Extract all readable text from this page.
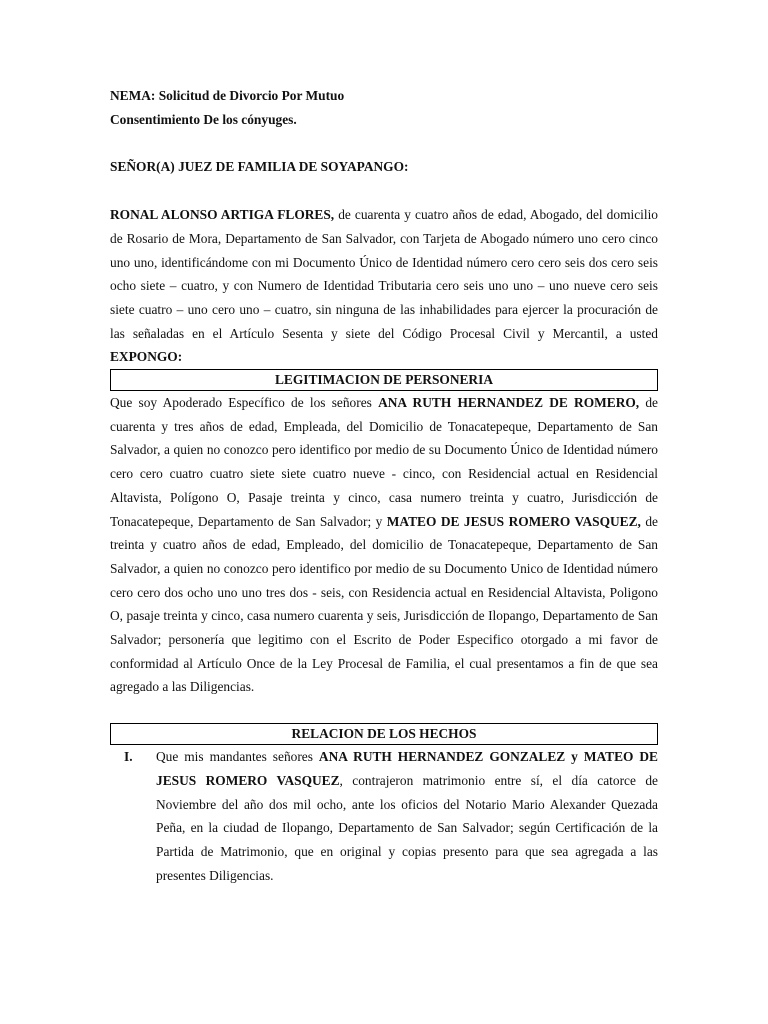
NEMA: Solicitud de Divorcio Por Mutuo

Consentimiento De los cónyuges.

SEÑOR(A) JUEZ DE FAMILIA DE SOYAPANGO:

RONAL ALONSO ARTIGA FLORES, de cuarenta y cuatro años de edad, Abogado, del domicilio de Rosario de Mora, Departamento de San Salvador, con Tarjeta de Abogado número uno cero cinco uno uno, identificándome con mi Documento Único de Identidad número cero cero seis dos cero seis ocho siete – cuatro, y con Numero de Identidad Tributaria cero seis uno uno – uno nueve cero seis siete cuatro – uno cero uno – cuatro, sin ninguna de las inhabilidades para ejercer la procuración de las señaladas en el Artículo Sesenta y siete del Código Procesal Civil y Mercantil, a usted EXPONGO:

LEGITIMACION DE PERSONERIA

Que soy Apoderado Específico de los señores ANA RUTH HERNANDEZ DE ROMERO, de cuarenta y tres años de edad, Empleada, del Domicilio de Tonacatepeque, Departamento de San Salvador, a quien no conozco pero identifico por medio de su Documento Único de Identidad número cero cero cuatro cuatro siete siete cuatro nueve - cinco, con Residencial actual en Residencial Altavista, Polígono O, Pasaje treinta y cinco, casa numero treinta y cuatro, Jurisdicción de Tonacatepeque, Departamento de San Salvador; y MATEO DE JESUS ROMERO VASQUEZ, de treinta y cuatro años de edad, Empleado, del domicilio de Tonacatepeque, Departamento de San Salvador, a quien no conozco pero identifico por medio de su Documento Unico de Identidad número cero cero dos ocho uno uno tres dos - seis, con Residencia actual en Residencial Altavista, Poligono O, pasaje treinta y cinco, casa numero cuarenta y seis, Jurisdicción de Ilopango, Departamento de San Salvador; personería que legitimo con el Escrito de Poder Especifico otorgado a mi favor de conformidad al Artículo Once de la Ley Procesal de Familia, el cual presentamos a fin de que sea agregado a las Diligencias.

RELACION DE LOS HECHOS
I.	Que mis mandantes señores ANA RUTH HERNANDEZ GONZALEZ y MATEO DE JESUS ROMERO VASQUEZ, contrajeron matrimonio entre sí, el día catorce de Noviembre del año dos mil ocho, ante los oficios del Notario Mario Alexander Quezada Peña, en la ciudad de Ilopango, Departamento de San Salvador; según Certificación de la Partida de Matrimonio, que en original y copias presento para que sea agregada a las presentes Diligencias.
